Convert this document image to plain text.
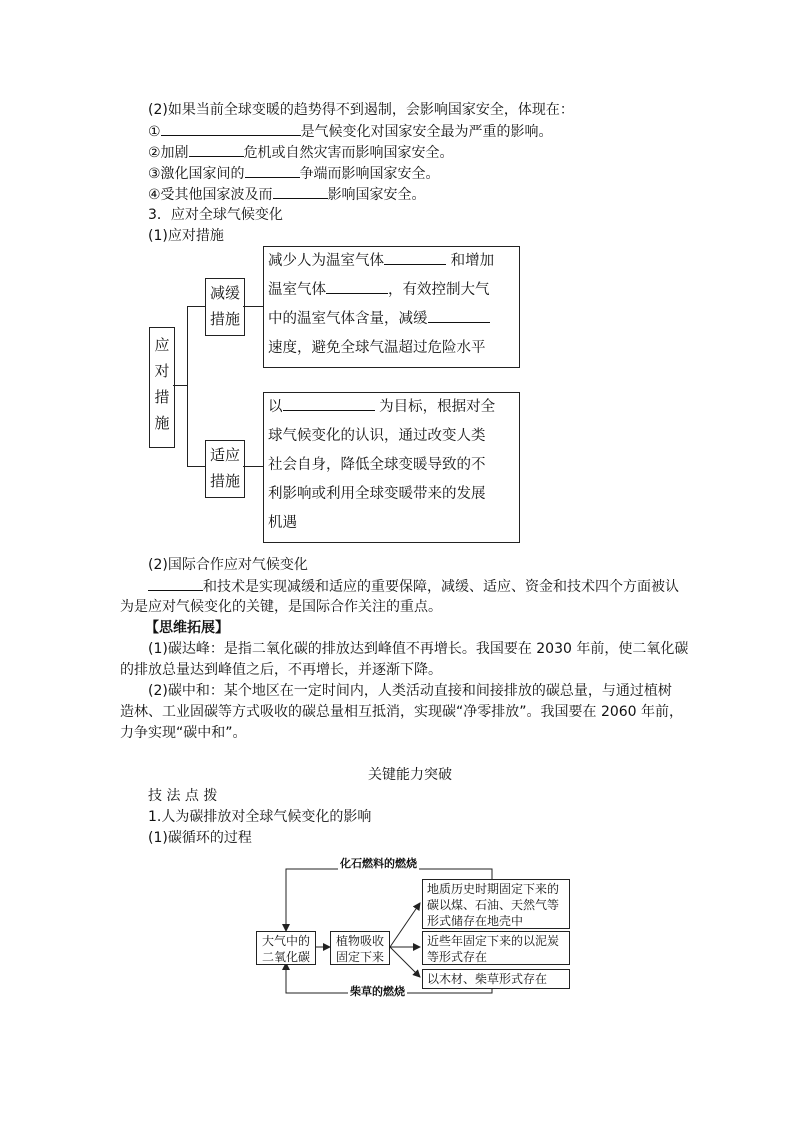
(2)如果当前全球变暖的趋势得不到遏制，会影响国家安全，体现在：
①	是气候变化对国家安全最为严重的影响。
②加剧	危机或自然灾害而影响国家安全。
③激化国家间的	争端而影响国家安全。
④受其他国家波及而	影响国家安全。
3．应对全球气候变化
(1)应对措施
应对措施
减缓措施
适应措施
减少人为温室气体	和增加
温室气体	，有效控制大气
中的温室气体含量，减缓
速度，避免全球气温超过危险水平
以	为目标，根据对全
球气候变化的认识，通过改变人类
社会自身，降低全球变暖导致的不
利影响或利用全球变暖带来的发展
机遇
(2)国际合作应对气候变化
和技术是实现减缓和适应的重要保障，减缓、适应、资金和技术四个方面被认
为是应对气候变化的关键，是国际合作关注的重点。
【思维拓展】
(1)碳达峰：是指二氧化碳的排放达到峰值不再增长。我国要在 2030 年前，使二氧化碳
的排放总量达到峰值之后，不再增长，并逐渐下降。
(2)碳中和：某个地区在一定时间内，人类活动直接和间接排放的碳总量，与通过植树
造林、工业固碳等方式吸收的碳总量相互抵消，实现碳“净零排放”。我国要在 2060 年前，
力争实现“碳中和”。
关键能力突破
技 法 点 拨
1.人为碳排放对全球气候变化的影响
(1)碳循环的过程
化石燃料的燃烧
柴草的燃烧
大气中的二氧化碳
植物吸收固定下来
地质历史时期固定下来的碳以煤、石油、天然气等形式储存在地壳中
近些年固定下来的以泥炭等形式存在
以木材、柴草形式存在
